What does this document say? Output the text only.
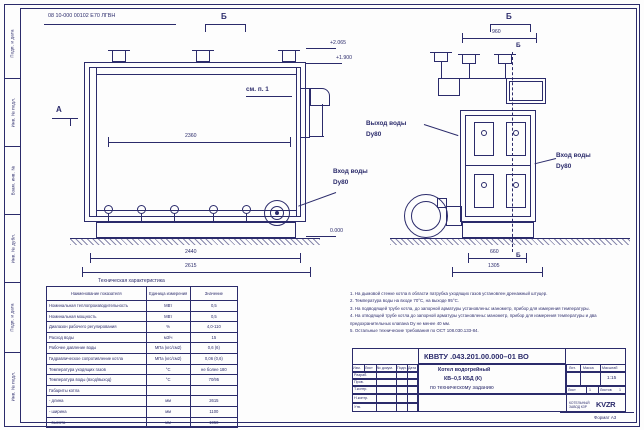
Подп. и дата
Инв. № подл.
Взам. инв. №
Инв. № дубл.
Подп. и дата
Инв. № подл.
08 10-000 00102 E70 ЛГВН	Б
А
+2.065
+1.900
0.000
см. п. 1
2360
Вход воды
Dy80
2440
2615
Б
960
Б
Б
Выход воды
Dy80
Вход воды
Dy80
660
1305
Техническая характеристика
Наименование показателя	Единица измерения	Значение
Номинальная теплопроизводительность	МВт	0,5
Номинальная мощность	МВт	0,5
Диапазон рабочего регулирования	%	4,0-110
Расход воды	м3/ч	15
Рабочее давление воды	МПа (кгс/см2)	0,6 (6)
Гидравлическое сопротивление котла	МПа (кгс/см2)	0,06 (0,6)
Температура уходящих газов	°С	не более 180
Температура воды (вход/выход)	°С	70/95
Габариты котла		
- длина	мм	2615
- ширина	мм	1100
- высота	мм	1950
1. На дымовой стенке котла в области патрубка уходящих газов установлен дренажный штуцер.
2. Температура воды на входе 70°С, на выходе 95°С.
3. На подводящей трубе котла, до запорной арматуры установлены: манометр, прибор для измерения температуры.
4. На отводящей трубе котла до запорной арматуры установлены: манометр, прибор для измерения температуры и два предохранительных клапана Dy не менее 40 мм.
5. Остальные технические требования по ОСТ 108.030.133-84.
КВВТУ .043.201.00.000–01 ВО
Котел водогрейный
КВ–0,5 КБД (К)
по техническому заданию
Изм. Лист № докум. Подп. Дата
Разраб.
Пров.
Т.контр.
Н.контр.
Утв.
Лит. Масса Масштаб
1:15
Лист	1	Листов 1
KVZR
КОТЕЛЬНЫЙ ЗАВОД КЗР
Формат А3
